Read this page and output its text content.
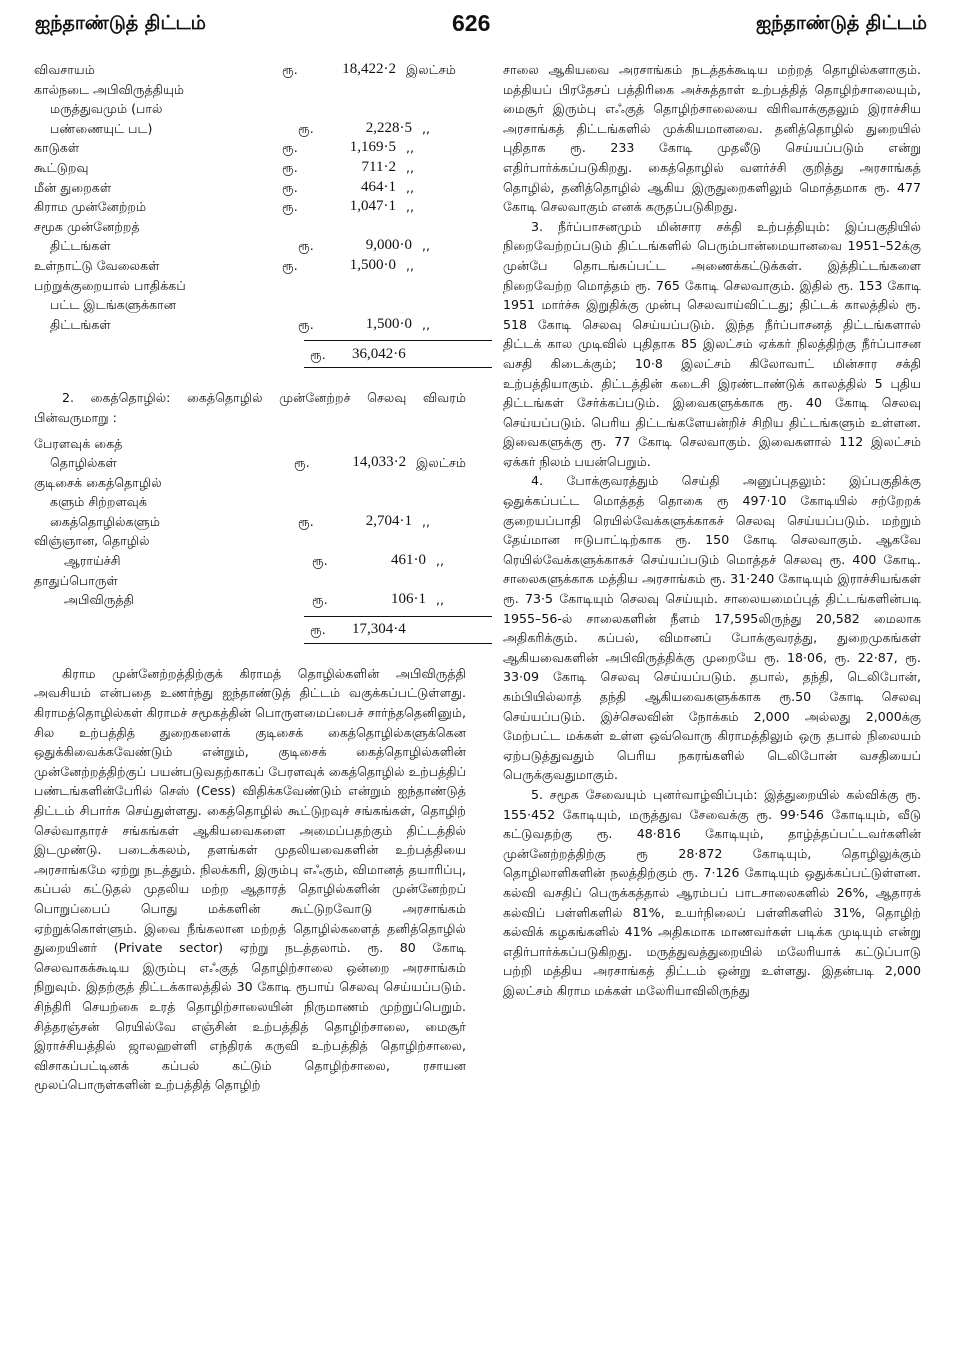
ஐந்தாண்டுத் திட்டம்	626	ஐந்தாண்டுத் திட்டம்
விவசாயம்	ரூ.	18,422·2 இலட்சம்
கால்நடை அபிவிருத்தியும்
மருத்துவமும் (பால்
பண்ணையுட் பட)	ரூ.	2,228·5 ,,
காடுகள்	ரூ.	1,169·5 ,,
கூட்டுறவு	ரூ.	711·2 ,,
மீன் துறைகள்	ரூ.	464·1 ,,
கிராம முன்னேற்றம்	ரூ.	1,047·1 ,,
சமூக முன்னேற்றத்
திட்டங்கள்	ரூ.	9,000·0 ,,
உள்நாட்டு வேலைகள்	ரூ.	1,500·0 ,,
பற்றுக்குறையால் பாதிக்கப்
பட்ட இடங்களுக்கான
திட்டங்கள்	ரூ.	1,500·0 ,,
ரூ.	36,042·6

2. கைத்தொழில்: கைத்தொழில் முன்னேற்றச் செலவு விவரம் பின்வருமாறு :

பேரளவுக் கைத்
தொழில்கள்	ரூ.	14,033·2 இலட்சம்
குடிசைக் கைத்தொழில்
களும் சிற்றளவுக்
கைத்தொழில்களும்	ரூ.	2,704·1 ,,
விஞ்ஞான, தொழில்
ஆராய்ச்சி	ரூ.	461·0 ,,
தாதுப்பொருள்
அபிவிருத்தி	ரூ.	106·1 ,,
ரூ.	17,304·4

கிராம முன்னேற்றத்திற்குக் கிராமத் தொழில்களின் அபிவிருத்தி அவசியம் என்பதை உணர்ந்து ஐந்தாண்டுத் திட்டம் வகுக்கப்பட்டுள்ளது. கிராமத்தொழில்கள் கிராமச் சமூகத்தின் பொருளமைப்பைச் சார்ந்ததெனினும், சில உற்பத்தித் துறைகளைக் குடிசைக் கைத்தொழில்களுக்கென ஒதுக்கிவைக்கவேண்டும் என்றும், குடிசைக் கைத்தொழில்களின் முன்னேற்றத்திற்குப் பயன்படுவதற்காகப் பேரளவுக் கைத்தொழில் உற்பத்திப் பண்டங்களின்பேரில் செஸ் (Cess) விதிக்கவேண்டும் என்றும் ஐந்தாண்டுத் திட்டம் சிபார்சு செய்துள்ளது. கைத்தொழில் கூட்டுறவுச் சங்கங்கள், தொழிற் செல்வாதாரச் சங்கங்கள் ஆகியவைகளை அமைப்பதற்கும் திட்டத்தில் இடமுண்டு. படைக்கலம், தளங்கள் முதலியவைகளின் உற்பத்தியை அரசாங்கமே ஏற்று நடத்தும். நிலக்கரி, இரும்பு எஃகும், விமானத் தயாரிப்பு, கப்பல் கட்டுதல் முதலிய மற்ற ஆதாரத் தொழில்களின் முன்னேற்றப் பொறுப்பைப் பொது மக்களின் கூட்டுறவோடு அரசாங்கம் ஏற்றுக்கொள்ளும். இவை நீங்கலான மற்றத் தொழில்களைத் தனித்தொழில் துறையினர் (Private sector) ஏற்று நடத்தலாம். ரூ. 80 கோடி செலவாகக்கூடிய இரும்பு எஃகுத் தொழிற்சாலை ஒன்றை அரசாங்கம் நிறுவும். இதற்குத் திட்டக்காலத்தில் 30 கோடி ரூபாய் செலவு செய்யப்படும். சிந்திரி செயற்கை உரத் தொழிற்சாலையின் நிருமாணம் முற்றுப்பெறும். சித்தரஞ்சன் ரெயில்வே எஞ்சின் உற்பத்தித் தொழிற்சாலை, மைசூர் இராச்சியத்தில் ஜாலஹள்ளி எந்திரக் கருவி உற்பத்தித் தொழிற்சாலை, விசாகப்பட்டினக் கப்பல் கட்டும் தொழிற்சாலை, ரசாயன மூலப்பொருள்களின் உற்பத்தித் தொழிற்

சாலை ஆகியவை அரசாங்கம் நடத்தக்கூடிய மற்றத் தொழில்களாகும். மத்தியப் பிரதேசப் பத்திரிகை அச்சுத்தாள் உற்பத்தித் தொழிற்சாலையும், மைசூர் இரும்பு எஃகுத் தொழிற்சாலையை விரிவாக்குதலும் இராச்சிய அரசாங்கத் திட்டங்களில் முக்கியமானவை. தனித்தொழில் துறையில் புதிதாக ரூ. 233 கோடி முதலீடு செய்யப்படும் என்று எதிர்பார்க்கப்படுகிறது. கைத்தொழில் வளர்ச்சி குறித்து அரசாங்கத் தொழில், தனித்தொழில் ஆகிய இருதுறைகளிலும் மொத்தமாக ரூ. 477 கோடி செலவாகும் எனக் கருதப்படுகிறது.

3. நீர்ப்பாசனமும் மின்சார சக்தி உற்பத்தியும்: இப்பகுதியில் நிறைவேற்றப்படும் திட்டங்களில் பெரும்பான்மையானவை 1951–52க்கு முன்பே தொடங்கப்பட்ட அணைக்கட்டுக்கள். இத்திட்டங்களை நிறைவேற்ற மொத்தம் ரூ. 765 கோடி செலவாகும். இதில் ரூ. 153 கோடி 1951 மார்ச்சு இறுதிக்கு முன்பு செலவாய்விட்டது; திட்டக் காலத்தில் ரூ. 518 கோடி செலவு செய்யப்படும். இந்த நீர்ப்பாசனத் திட்டங்களால் திட்டக் கால முடிவில் புதிதாக 85 இலட்சம் ஏக்கர் நிலத்திற்கு நீர்ப்பாசன வசதி கிடைக்கும்; 10·8 இலட்சம் கிலோவாட் மின்சார சக்தி உற்பத்தியாகும். திட்டத்தின் கடைசி இரண்டாண்டுக் காலத்தில் 5 புதிய திட்டங்கள் சேர்க்கப்படும். இவைகளுக்காக ரூ. 40 கோடி செலவு செய்யப்படும். பெரிய திட்டங்களேயன்றிச் சிறிய திட்டங்களும் உள்ளன. இவைகளுக்கு ரூ. 77 கோடி செலவாகும். இவைகளால் 112 இலட்சம் ஏக்கர் நிலம் பயன்பெறும்.

4. போக்குவரத்தும் செய்தி அனுப்புதலும்: இப்பகுதிக்கு ஒதுக்கப்பட்ட மொத்தத் தொகை ரூ 497·10 கோடியில் சற்றேறக் குறையப்பாதி ரெயில்வேக்களுக்காகச் செலவு செய்யப்படும். மற்றும் தேய்மான ஈடுபாட்டிற்காக ரூ. 150 கோடி செலவாகும். ஆகவே ரெயில்வேக்களுக்காகச் செய்யப்படும் மொத்தச் செலவு ரூ. 400 கோடி. சாலைகளுக்காக மத்திய அரசாங்கம் ரூ. 31·240 கோடியும் இராச்சியங்கள் ரூ. 73·5 கோடியும் செலவு செய்யும். சாலையமைப்புத் திட்டங்களின்படி 1955–56-ல் சாலைகளின் நீளம் 17,595லிருந்து 20,582 மைலாக அதிகரிக்கும். கப்பல், விமானப் போக்குவரத்து, துறைமுகங்கள் ஆகியவைகளின் அபிவிருத்திக்கு முறையே ரூ. 18·06, ரூ. 22·87, ரூ. 33·09 கோடி செலவு செய்யப்படும். தபால், தந்தி, டெலிபோன், கம்பியில்லாத் தந்தி ஆகியவைகளுக்காக ரூ.50 கோடி செலவு செய்யப்படும். இச்செலவின் நோக்கம் 2,000 அல்லது 2,000க்கு மேற்பட்ட மக்கள் உள்ள ஒவ்வொரு கிராமத்திலும் ஒரு தபால் நிலையம் ஏற்படுத்துவதும் பெரிய நகரங்களில் டெலிபோன் வசதியைப் பெருக்குவதுமாகும்.

5. சமூக சேவையும் புனர்வாழ்விப்பும்: இத்துறையில் கல்விக்கு ரூ. 155·452 கோடியும், மருத்துவ சேவைக்கு ரூ. 99·546 கோடியும், வீடு கட்டுவதற்கு ரூ. 48·816 கோடியும், தாழ்த்தப்பட்டவர்களின் முன்னேற்றத்திற்கு ரூ 28·872 கோடியும், தொழிலுக்கும் தொழிலாளிகளின் நலத்திற்கும் ரூ. 7·126 கோடியும் ஒதுக்கப்பட்டுள்ளன. கல்வி வசதிப் பெருக்கத்தால் ஆரம்பப் பாடசாலைகளில் 26%, ஆதாரக் கல்விப் பள்ளிகளில் 81%, உயர்நிலைப் பள்ளிகளில் 31%, தொழிற் கல்விக் கழகங்களில் 41% அதிகமாக மாணவர்கள் படிக்க முடியும் என்று எதிர்பார்க்கப்படுகிறது. மருத்துவத்துறையில் மலேரியாக் கட்டுப்பாடு பற்றி மத்திய அரசாங்கத் திட்டம் ஒன்று உள்ளது. இதன்படி 2,000 இலட்சம் கிராம மக்கள் மலேரியாவிலிருந்து
